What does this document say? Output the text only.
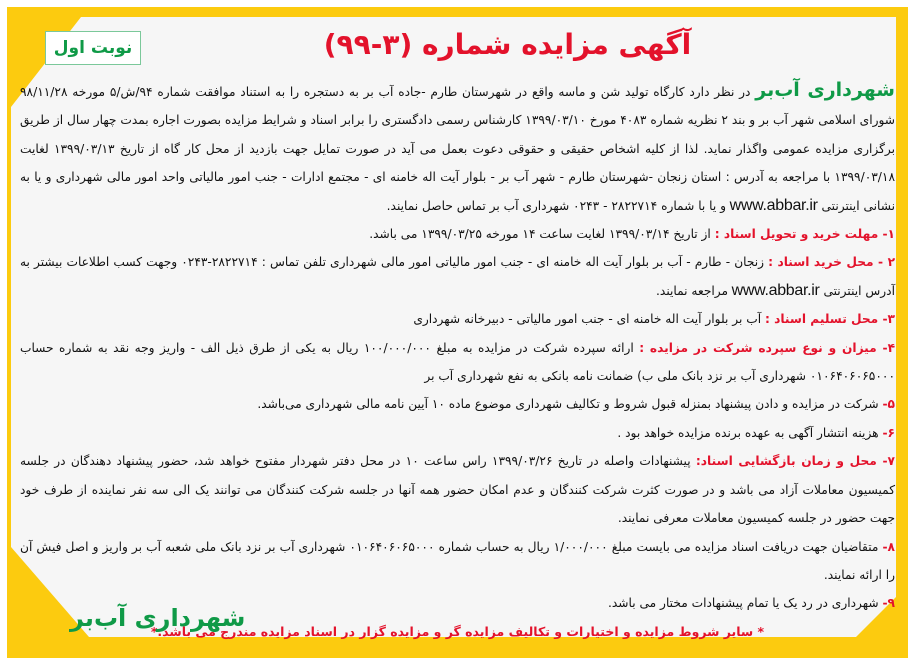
نوبت اول	آگهی مزایده شماره (۳-۹۹)

شهرداری آب‌بر در نظر دارد کارگاه تولید شن و ماسه واقع در شهرستان طارم -جاده آب بر به دستجره را به استناد موافقت شماره ۹۴/ش/۵ مورخه ۹۸/۱۱/۲۸ شورای اسلامی شهر آب بر و بند ۲ نظریه شماره ۴۰۸۳ مورخ ۱۳۹۹/۰۳/۱۰ کارشناس رسمی دادگستری را برابر اسناد و شرایط مزایده بصورت اجاره بمدت چهار سال از طریق برگزاری مزایده عمومی واگذار نماید. لذا از کلیه اشخاص حقیقی و حقوقی دعوت بعمل می آید در صورت تمایل جهت بازدید از محل کار گاه از تاریخ ۱۳۹۹/۰۳/۱۳ لغایت ۱۳۹۹/۰۳/۱۸ با مراجعه به آدرس : استان زنجان -شهرستان طارم - شهر آب بر - بلوار آیت اله خامنه ای - مجتمع ادارات - جنب امور مالیاتی واحد امور مالی شهرداری و یا به نشانی اینترنتی www.abbar.ir و یا با شماره ۲۸۲۲۷۱۴ - ۰۲۴۳ شهرداری آب بر تماس حاصل نمایند.

۱- مهلت خرید و تحویل اسناد : از تاریخ ۱۳۹۹/۰۳/۱۴ لغایت ساعت ۱۴ مورخه ۱۳۹۹/۰۳/۲۵ می باشد.

۲ - محل خرید اسناد : زنجان - طارم - آب بر بلوار آیت اله خامنه ای - جنب امور مالیاتی امور مالی شهرداری تلفن تماس : ۲۸۲۲۷۱۴-۰۲۴۳ وجهت کسب اطلاعات بیشتر به آدرس اینترنتی www.abbar.ir مراجعه نمایند.

۳- محل تسلیم اسناد : آب بر بلوار آیت اله خامنه ای - جنب امور مالیاتی - دبیرخانه شهرداری

۴- میزان و نوع سپرده شرکت در مزایده : ارائه سپرده شرکت در مزایده به مبلغ ۱۰۰/۰۰۰/۰۰۰ ریال به یکی از طرق ذیل الف - واریز وجه نقد به شماره حساب ۰۱۰۶۴۰۶۰۶۵۰۰۰ شهرداری آب بر نزد بانک ملی ب) ضمانت نامه بانکی به نفع شهرداری آب بر

۵- شرکت در مزایده و دادن پیشنهاد بمنزله قبول شروط و تکالیف شهرداری موضوع ماده ۱۰ آیین نامه مالی شهرداری می‌باشد.

۶- هزینه انتشار آگهی به عهده برنده مزایده خواهد بود .

۷- محل و زمان بازگشایی اسناد: پیشنهادات واصله در تاریخ ۱۳۹۹/۰۳/۲۶ راس ساعت ۱۰ در محل دفتر شهردار مفتوح خواهد شد، حضور پیشنهاد دهندگان در جلسه کمیسیون معاملات آزاد می باشد و در صورت کثرت شرکت کنندگان و عدم امکان حضور همه آنها در جلسه شرکت کنندگان می توانند یک الی سه نفر نماینده از طرف خود جهت حضور در جلسه کمیسیون معاملات معرفی نمایند.

۸- متقاضیان جهت دریافت اسناد مزایده می بایست مبلغ ۱/۰۰۰/۰۰۰ ریال به حساب شماره ۰۱۰۶۴۰۶۰۶۵۰۰۰ شهرداری آب بر نزد بانک ملی شعبه آب بر واریز و اصل فیش آن را ارائه نمایند.

۹- شهرداری در رد یک یا تمام پیشنهادات مختار می باشد.

* سایر شروط مزایده و اختیارات و تکالیف مزایده گر و مزایده گزار در اسناد مزایده مندرج می باشد.*

شهرداری آب‌بر
